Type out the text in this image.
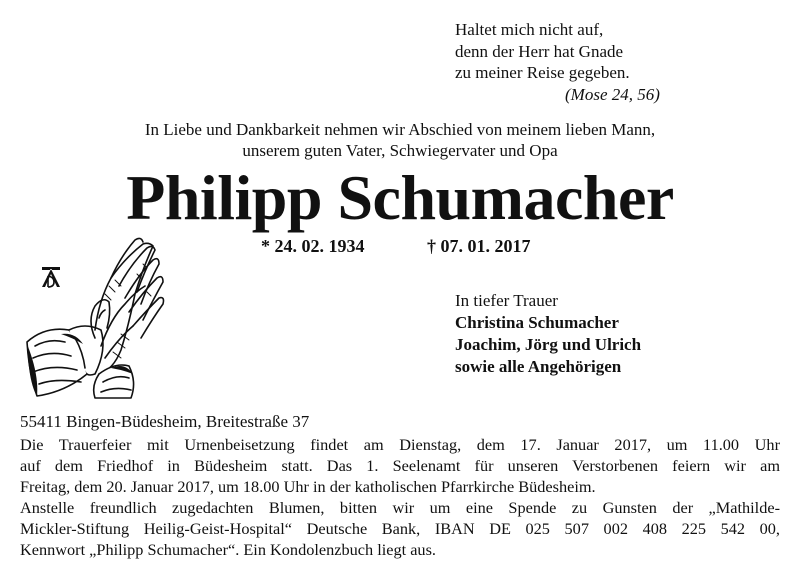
Haltet mich nicht auf,
denn der Herr hat Gnade
zu meiner Reise gegeben.
(Mose 24, 56)
In Liebe und Dankbarkeit nehmen wir Abschied von meinem lieben Mann,
unserem guten Vater, Schwiegervater und Opa
Philipp Schumacher
* 24. 02. 1934	† 07. 01. 2017
In tiefer Trauer
Christina Schumacher
Joachim, Jörg und Ulrich
sowie alle Angehörigen
55411 Bingen-Büdesheim, Breitestraße 37

Die Trauerfeier mit Urnenbeisetzung findet am Dienstag, dem 17. Januar 2017, um 11.00 Uhr

auf dem Friedhof in Büdesheim statt. Das 1. Seelenamt für unseren Verstorbenen feiern wir am

Freitag, dem 20. Januar 2017, um 18.00 Uhr in der katholischen Pfarrkirche Büdesheim.

Anstelle freundlich zugedachten Blumen, bitten wir um eine Spende zu Gunsten der „Mathilde-

Mickler-Stiftung Heilig-Geist-Hospital“ Deutsche Bank, IBAN DE 025 507 002 408 225 542 00,

Kennwort „Philipp Schumacher“. Ein Kondolenzbuch liegt aus.
